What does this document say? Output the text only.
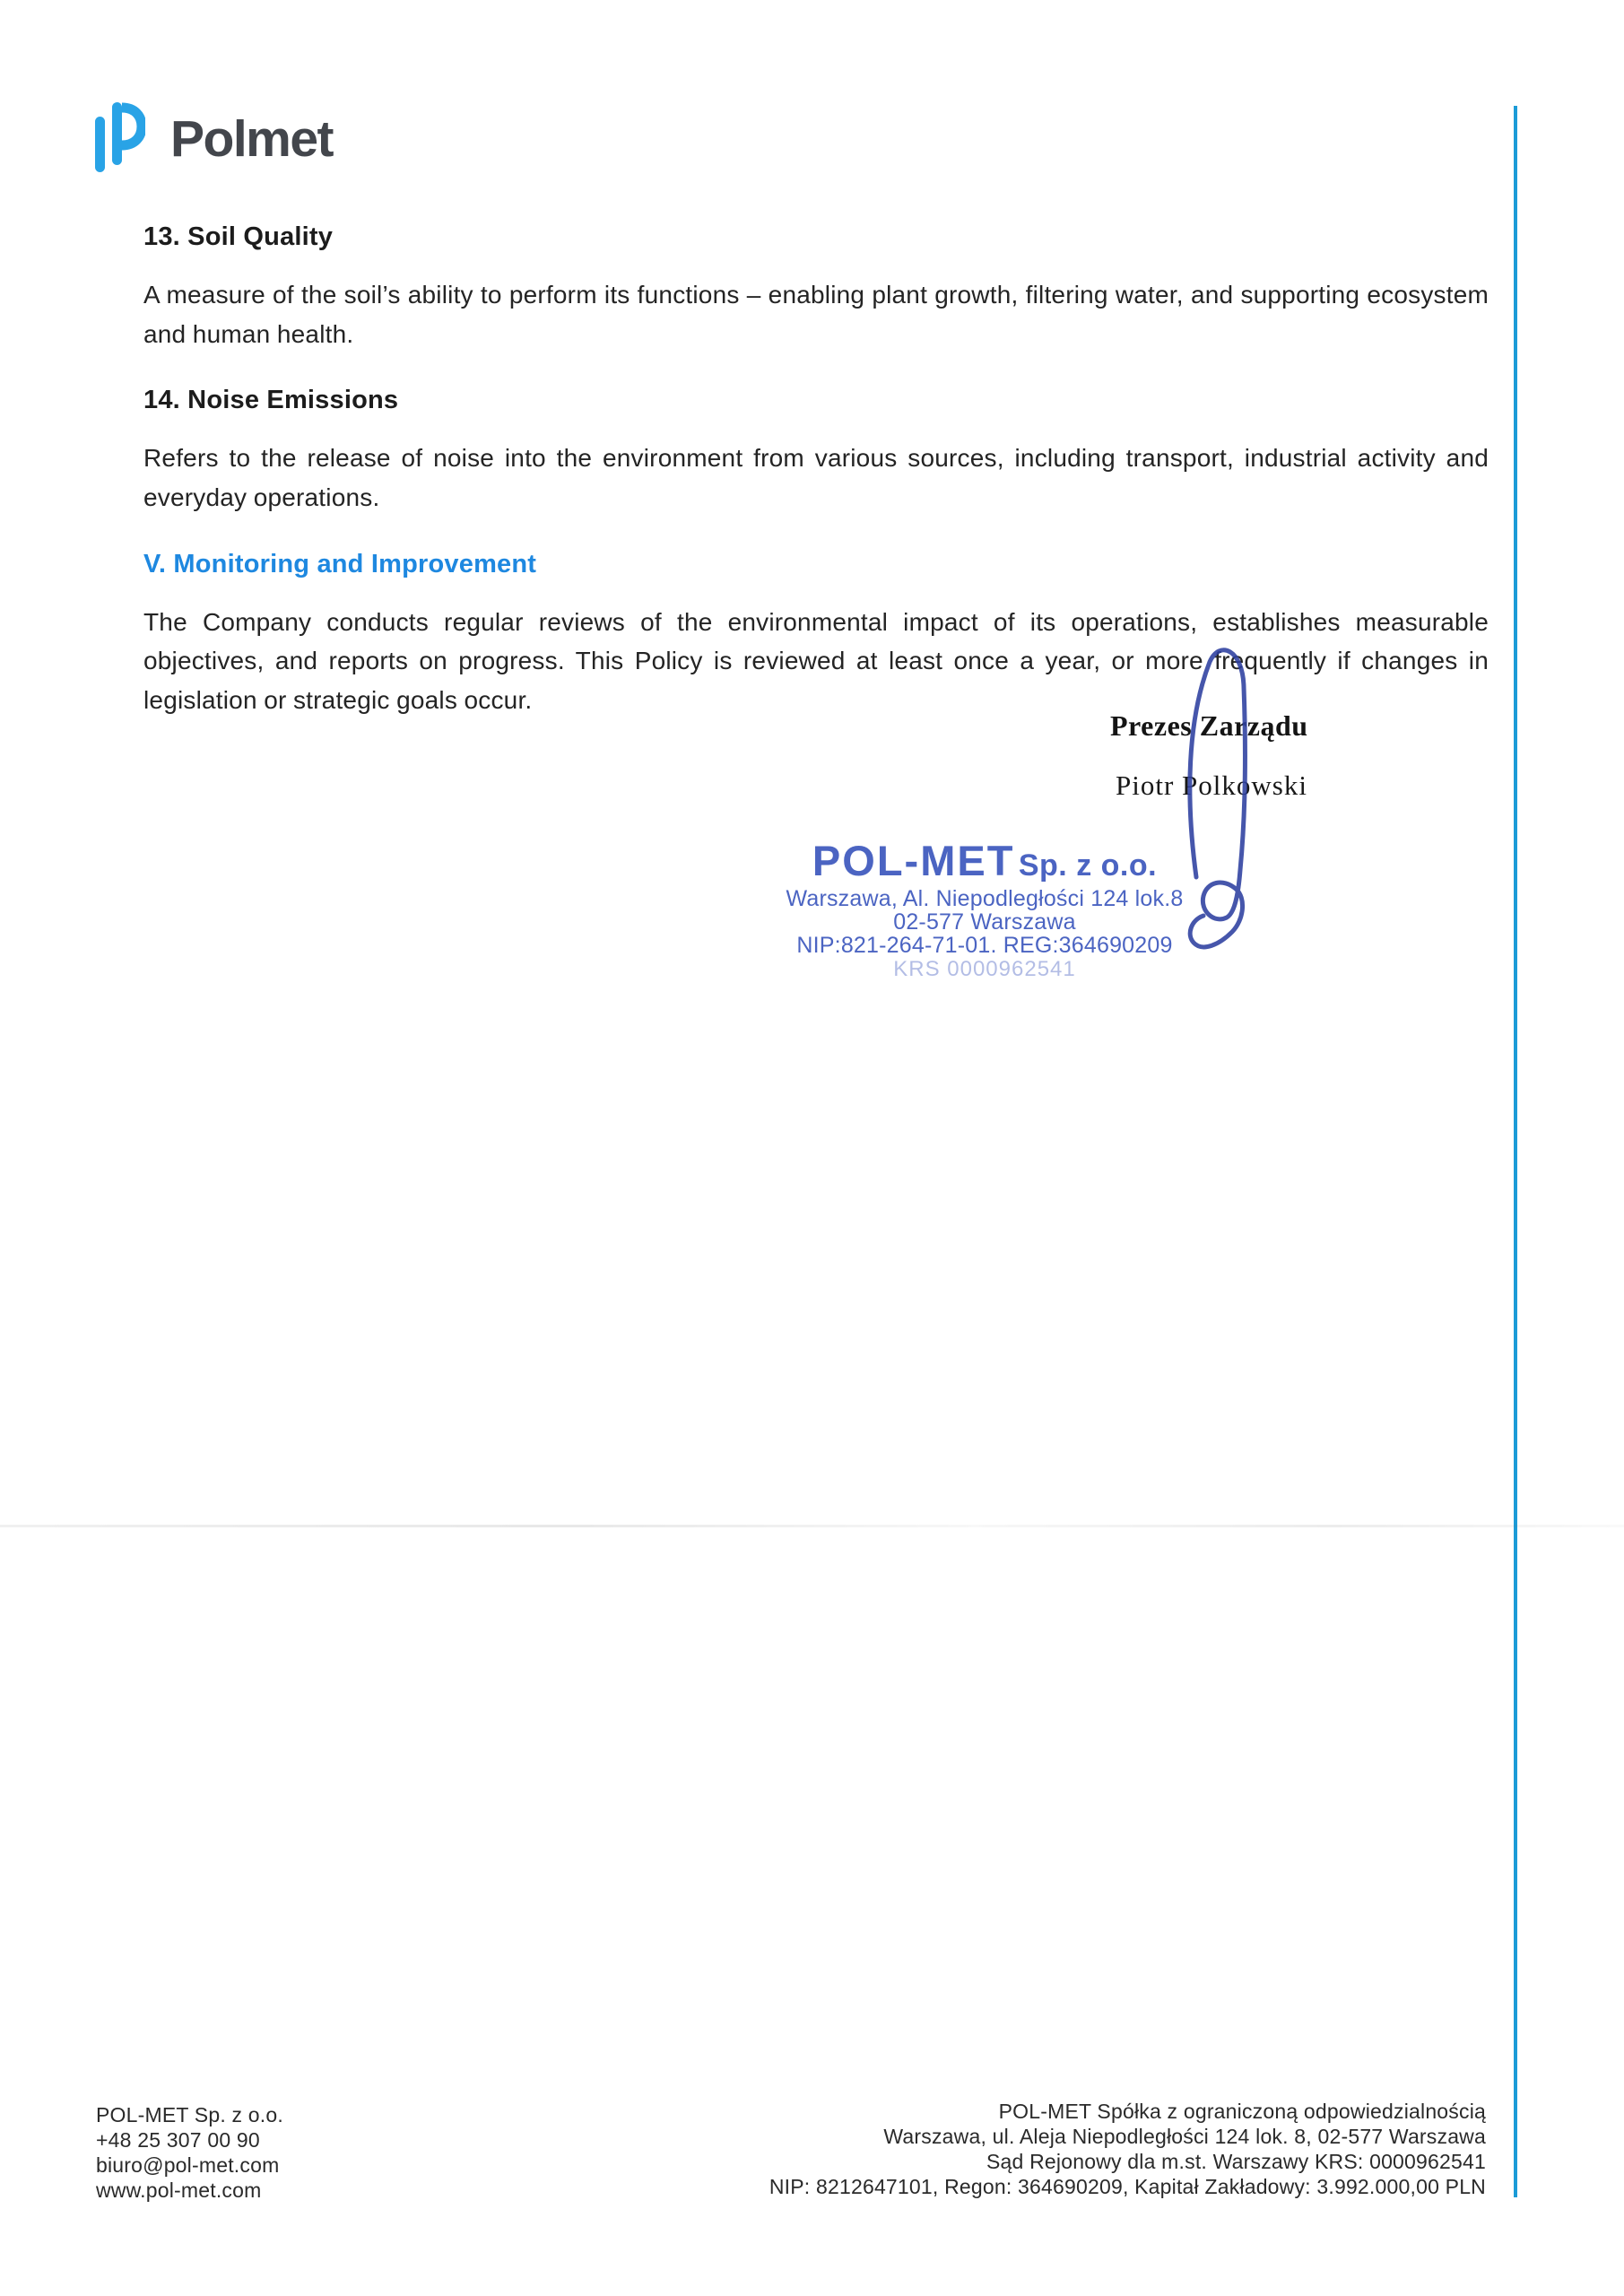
Polmet
13. Soil Quality

A measure of the soil’s ability to perform its functions – enabling plant growth, filtering water, and supporting ecosystem and human health.

14. Noise Emissions

Refers to the release of noise into the environment from various sources, including transport, industrial activity and everyday operations.

V. Monitoring and Improvement

The Company conducts regular reviews of the environmental impact of its operations, establishes measurable objectives, and reports on progress. This Policy is reviewed at least once a year, or more frequently if changes in legislation or strategic goals occur.

Prezes Zarządu
Piotr Polkowski
POL-MET Sp. z o.o.
Warszawa, Al. Niepodległości 124 lok.8
02-577 Warszawa
NIP:821-264-71-01. REG:364690209
KRS 0000962541
POL-MET Sp. z o.o.
+48 25 307 00 90
biuro@pol-met.com
www.pol-met.com
POL-MET Spółka z ograniczoną odpowiedzialnością
Warszawa, ul. Aleja Niepodległości 124 lok. 8, 02-577 Warszawa
Sąd Rejonowy dla m.st. Warszawy KRS: 0000962541
NIP: 8212647101, Regon: 364690209, Kapitał Zakładowy: 3.992.000,00 PLN
